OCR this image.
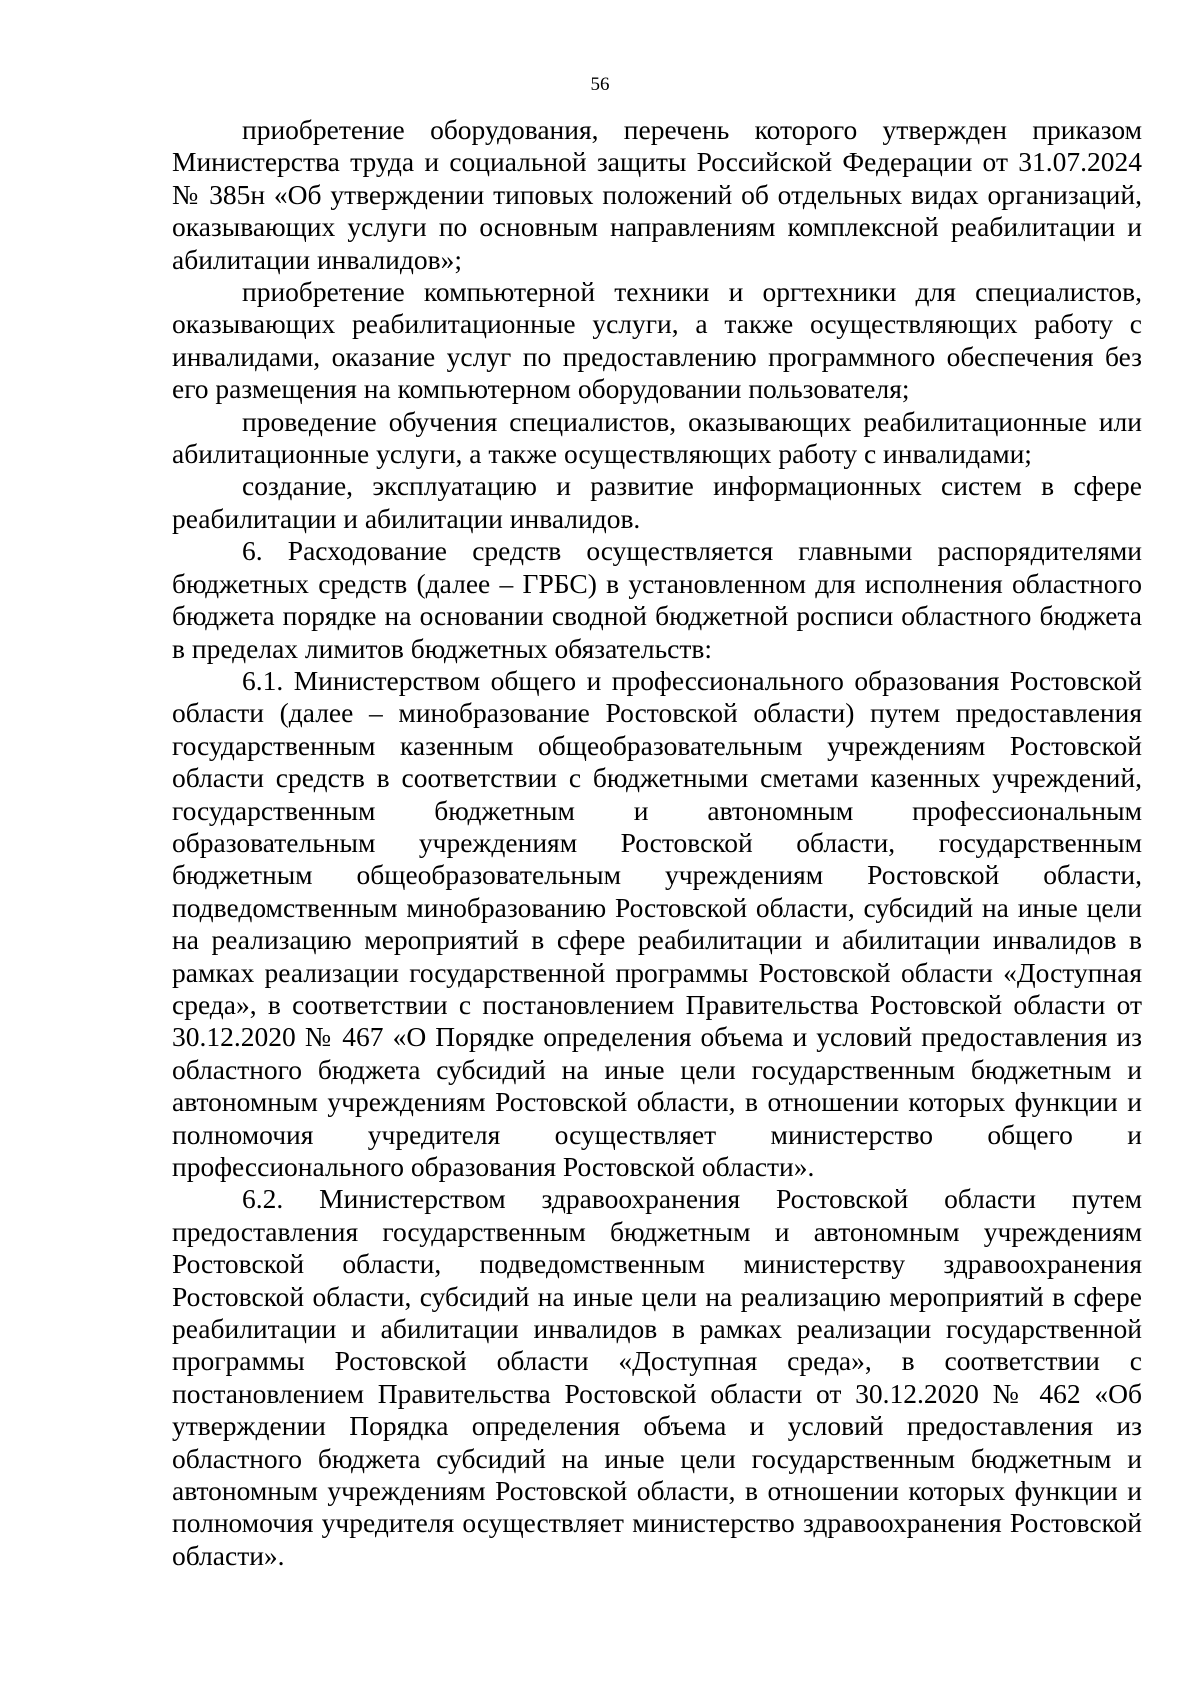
56

приобретение оборудования, перечень которого утвержден приказом Министерства труда и социальной защиты Российской Федерации от 31.07.2024 № 385н «Об утверждении типовых положений об отдельных видах организаций, оказывающих услуги по основным направлениям комплексной реабилитации и абилитации инвалидов»;

приобретение компьютерной техники и оргтехники для специалистов, оказывающих реабилитационные услуги, а также осуществляющих работу с инвалидами, оказание услуг по предоставлению программного обеспечения без его размещения на компьютерном оборудовании пользователя;

проведение обучения специалистов, оказывающих реабилитационные или абилитационные услуги, а также осуществляющих работу с инвалидами;

создание, эксплуатацию и развитие информационных систем в сфере реабилитации и абилитации инвалидов.

6. Расходование средств осуществляется главными распорядителями бюджетных средств (далее – ГРБС) в установленном для исполнения областного бюджета порядке на основании сводной бюджетной росписи областного бюджета в пределах лимитов бюджетных обязательств:

6.1. Министерством общего и профессионального образования Ростовской области (далее – минобразование Ростовской области) путем предоставления государственным казенным общеобразовательным учреждениям Ростовской области средств в соответствии с бюджетными сметами казенных учреждений, государственным бюджетным и автономным профессиональным образовательным учреждениям Ростовской области, государственным бюджетным общеобразовательным учреждениям Ростовской области, подведомственным минобразованию Ростовской области, субсидий на иные цели на реализацию мероприятий в сфере реабилитации и абилитации инвалидов в рамках реализации государственной программы Ростовской области «Доступная среда», в соответствии с постановлением Правительства Ростовской области от 30.12.2020 № 467 «О Порядке определения объема и условий предоставления из областного бюджета субсидий на иные цели государственным бюджетным и автономным учреждениям Ростовской области, в отношении которых функции и полномочия учредителя осуществляет министерство общего и профессионального образования Ростовской области».

6.2. Министерством здравоохранения Ростовской области путем предоставления государственным бюджетным и автономным учреждениям Ростовской области, подведомственным министерству здравоохранения Ростовской области, субсидий на иные цели на реализацию мероприятий в сфере реабилитации и абилитации инвалидов в рамках реализации государственной программы Ростовской области «Доступная среда», в соответствии с постановлением Правительства Ростовской области от 30.12.2020 № 462 «Об утверждении Порядка определения объема и условий предоставления из областного бюджета субсидий на иные цели государственным бюджетным и автономным учреждениям Ростовской области, в отношении которых функции и полномочия учредителя осуществляет министерство здравоохранения Ростовской области».
